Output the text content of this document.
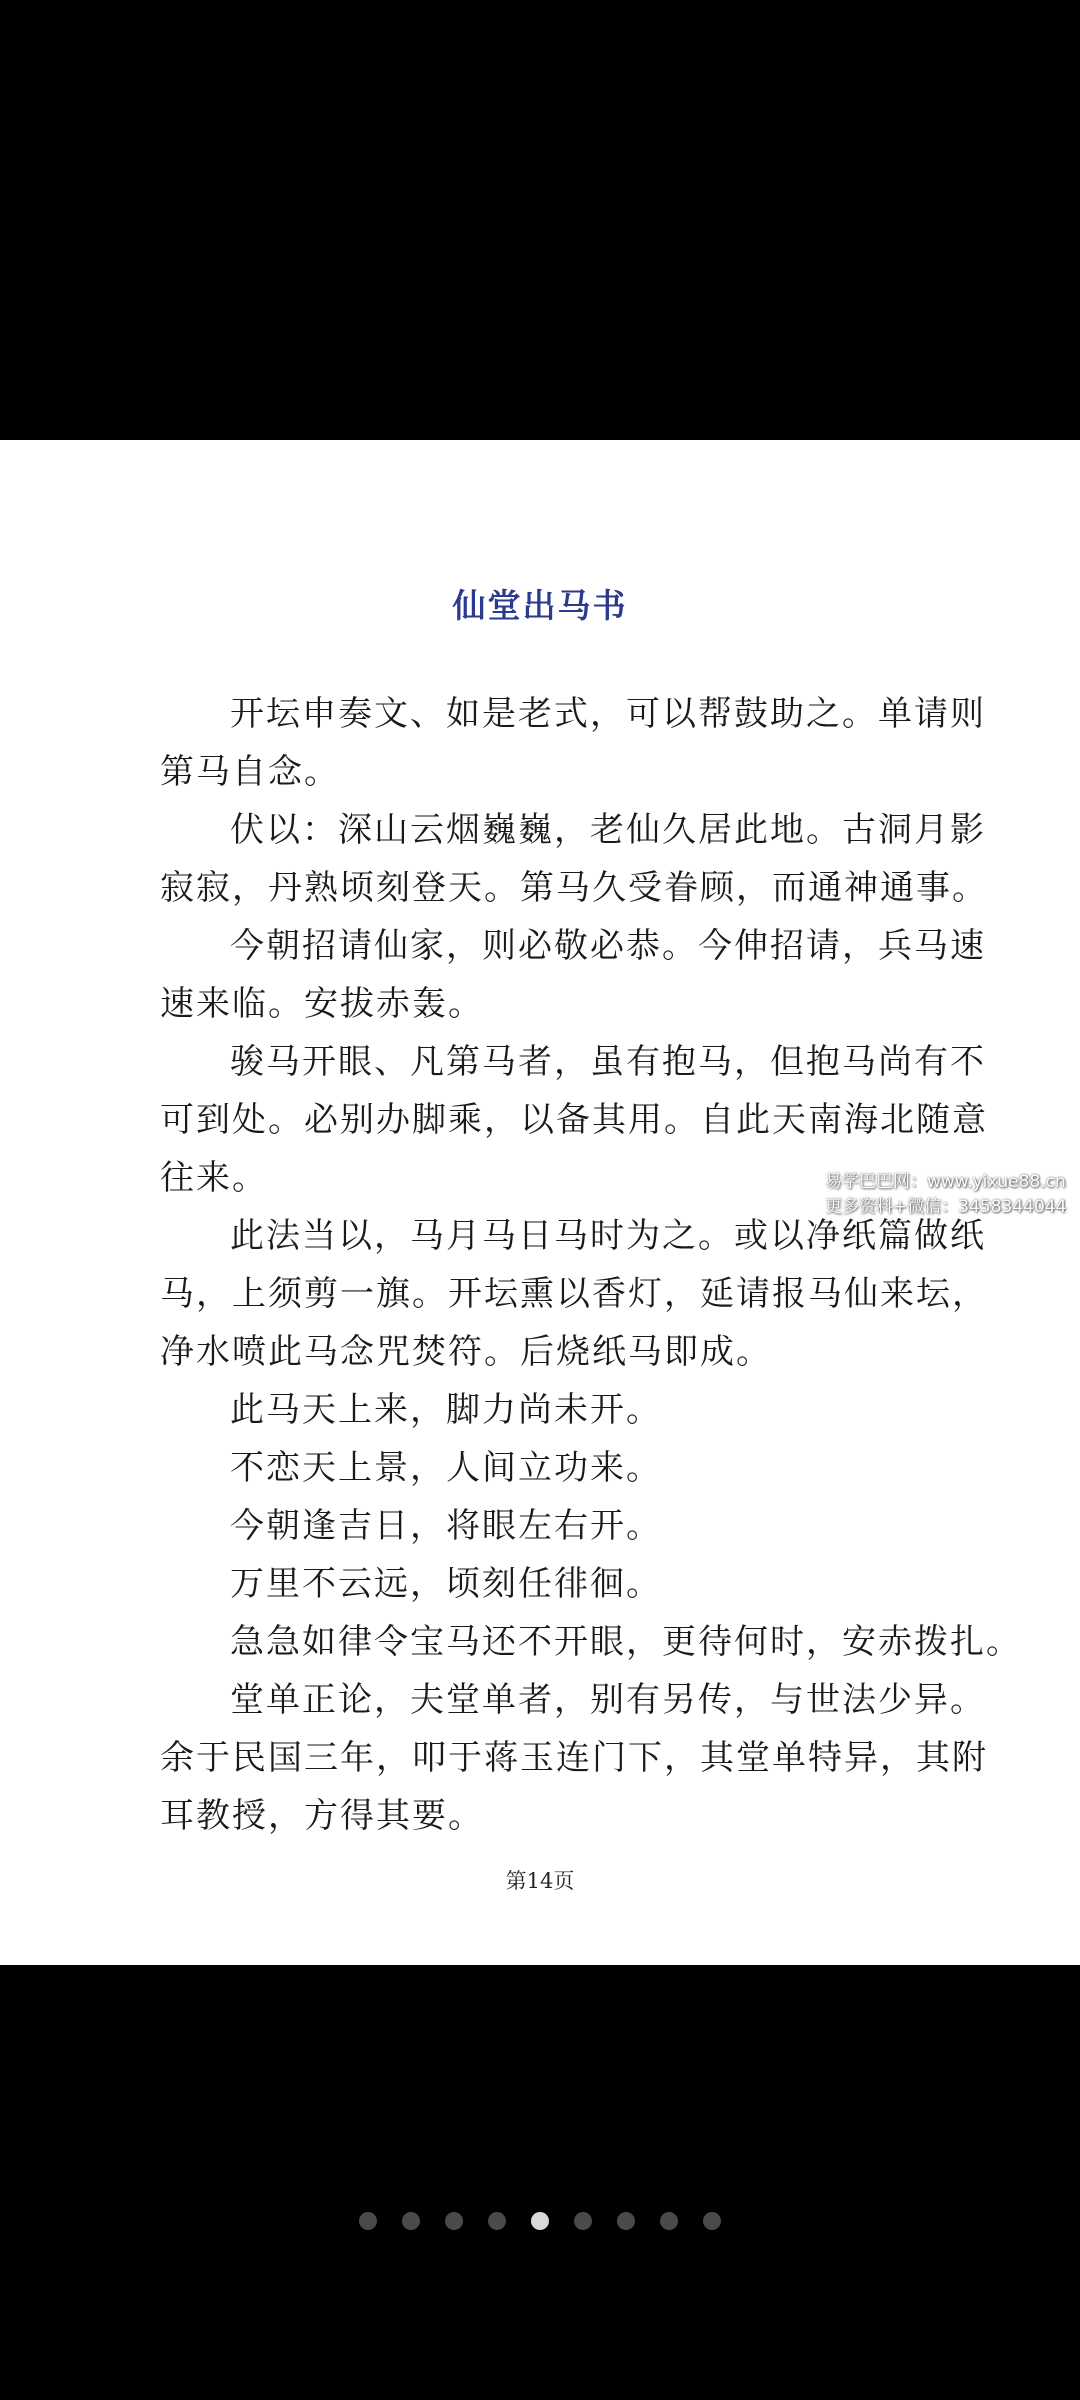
仙堂出马书
开坛申奏文、如是老式，可以帮鼓助之。单请则
第马自念。
伏以：深山云烟巍巍，老仙久居此地。古洞月影
寂寂，丹熟顷刻登天。第马久受眷顾，而通神通事。
今朝招请仙家，则必敬必恭。今伸招请，兵马速
速来临。安拔赤轰。
骏马开眼、凡第马者，虽有抱马，但抱马尚有不
可到处。必别办脚乘，以备其用。自此天南海北随意
往来。
此法当以，马月马日马时为之。或以净纸篇做纸
马，上须剪一旗。开坛熏以香灯，延请报马仙来坛，
净水喷此马念咒焚符。后烧纸马即成。
此马天上来，脚力尚未开。
不恋天上景，人间立功来。
今朝逢吉日，将眼左右开。
万里不云远，顷刻任徘徊。
急急如律令宝马还不开眼，更待何时，安赤拨扎。
堂单正论，夫堂单者，别有另传，与世法少异。
余于民国三年，叩于蒋玉连门下，其堂单特异，其附
耳教授，方得其要。
第14页
易学巴巴网：www.yixue88.cn
更多资料+微信：3458344044
